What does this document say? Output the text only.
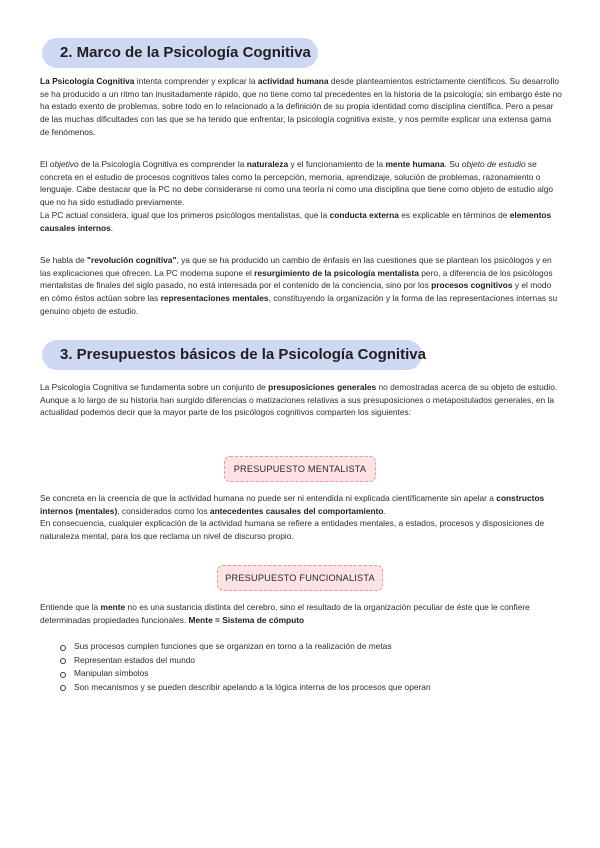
2. Marco de la Psicología Cognitiva

La Psicología Cognitiva intenta comprender y explicar la actividad humana desde planteamientos estrictamente científicos. Su desarrollo se ha producido a un ritmo tan inusitadamente rápido, que no tiene como tal precedentes en la historia de la psicología; sin embargo éste no ha estado exento de problemas, sobre todo en lo relacionado a la definición de su propia identidad como disciplina científica. Pero a pesar de las muchas dificultades con las que se ha tenido que enfrentar, la psicología cognitiva existe, y nos permite explicar una extensa gama de fenómenos.

El objetivo de la Psicología Cognitiva es comprender la naturaleza y el funcionamiento de la mente humana. Su objeto de estudio se concreta en el estudio de procesos cognitivos tales como la percepción, memoria, aprendizaje, solución de problemas, razonamiento o lenguaje. Cabe destacar que la PC no debe considerarse ni como una teoría ni como una disciplina que tiene como objeto de estudio algo que no ha sido estudiado previamente.

La PC actual considera, igual que los primeros psicólogos mentalistas, que la conducta externa es explicable en términos de elementos causales internos.

Se habla de "revolución cognitiva", ya que se ha producido un cambio de énfasis en las cuestiones que se plantean los psicólogos y en las explicaciones que ofrecen. La PC moderna supone el resurgimiento de la psicología mentalista pero, a diferencia de los psicólogos mentalistas de finales del siglo pasado, no está interesada por el contenido de la conciencia, sino por los procesos cognitivos y el modo en cómo éstos actúan sobre las representaciones mentales, constituyendo la organización y la forma de las representaciones internas su genuino objeto de estudio.

3. Presupuestos básicos de la Psicología Cognitiva

La Psicología Cognitiva se fundamenta sobre un conjunto de presuposiciones generales no demostradas acerca de su objeto de estudio. Aunque a lo largo de su historia han surgido diferencias o matizaciones relativas a sus presuposiciones o metapostulados generales, en la actualidad podemos decir que la mayor parte de los psicólogos cognitivos comparten los siguientes:

PRESUPUESTO MENTALISTA

Se concreta en la creencia de que la actividad humana no puede ser ni entendida ni explicada científicamente sin apelar a constructos internos (mentales), considerados como los antecedentes causales del comportamiento.

En consecuencia, cualquier explicación de la actividad humana se refiere a entidades mentales, a estados, procesos y disposiciones de naturaleza mental, para los que reclama un nivel de discurso propio.

PRESUPUESTO FUNCIONALISTA

Entiende que la mente no es una sustancia distinta del cerebro, sino el resultado de la organización peculiar de éste que le confiere determinadas propiedades funcionales. Mente = Sistema de cómputo

Sus procesos cumplen funciones que se organizan en torno a la realización de metas
Representan estados del mundo
Manipulan símbolos
Son mecanismos y se pueden describir apelando a la lógica interna de los procesos que operan
